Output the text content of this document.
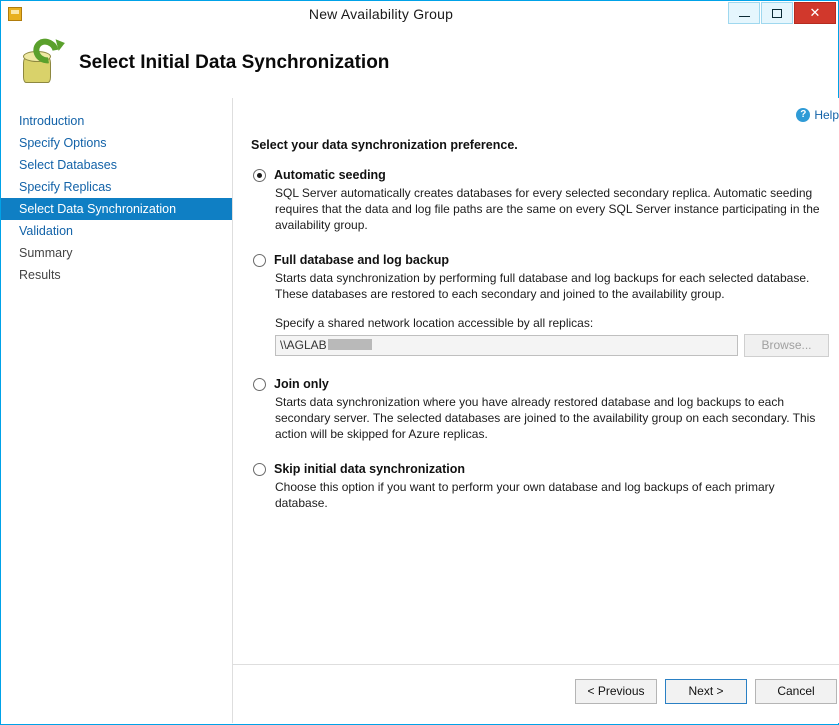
New Availability Group	✕
Select Initial Data Synchronization
Introduction
Specify Options
Select Databases
Specify Replicas
Select Data Synchronization
Validation
Summary
Results
? Help
Select your data synchronization preference.
Automatic seeding
SQL Server automatically creates databases for every selected secondary replica. Automatic seeding requires that the data and log file paths are the same on every SQL Server instance participating in the availability group.
Full database and log backup
Starts data synchronization by performing full database and log backups for each selected database. These databases are restored to each secondary and joined to the availability group.
Specify a shared network location accessible by all replicas:
\\AGLAB	Browse...
Join only
Starts data synchronization where you have already restored database and log backups to each secondary server. The selected databases are joined to the availability group on each secondary. This action will be skipped for Azure replicas.
Skip initial data synchronization
Choose this option if you want to perform your own database and log backups of each primary database.
< Previous	Next >	Cancel
